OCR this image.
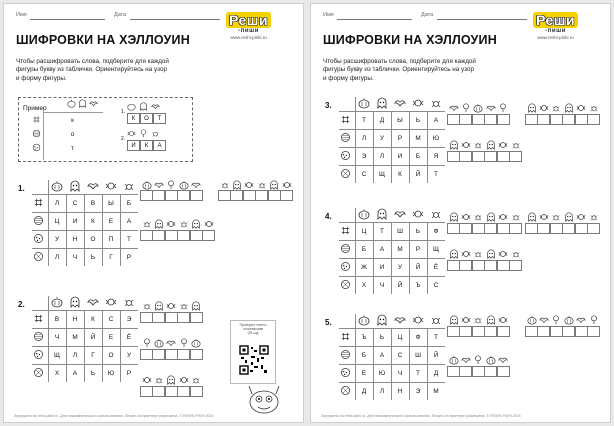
Имя	Дата	Реши
-пиши
www.reshi-pishi.ru
ШИФРОВКИ НА ХЭЛЛОУИН
Чтобы расшифровать слова, подберите для каждой
фигуры букву из таблички. Ориентируйтесь на узор
и форму фигуры.
Пример
к
о
т
1.
К	О	Т
2.
И	К	А
1.
Л	С	В	Ы	Б
Ц	И	К	Е	А
У	Н	О	П	Т
Л	Ч	Ь	Г	Р
2.
В	Н	К	С	Э
Ч	М	Й	Е	Ё
Щ	Л	Г	О	У
Х	А	Ь	Ю	Р
Проверьте ответы
отсканировав
QR-код
Загружено на reshi-pishi.ru. Для некоммерческого использования. Печать на принтере разрешена. © RESHI-PISHI 2024
Имя	Дата	Реши
-пиши
www.reshi-pishi.ru
ШИФРОВКИ НА ХЭЛЛОУИН
Чтобы расшифровать слова, подберите для каждой
фигуры букву из таблички. Ориентируйтесь на узор
и форму фигуры.
3.
Т	Д	Ы	Ь	А
Л	У	Р	М	Ю
Э	Л	И	Б	Я
С	Щ	К	Й	Т
4.
Ц	Т	Ш	Ь	Ф
Б	А	М	Р	Щ
Ж	И	У	Й	Ё
Х	Ч	Й	Ъ	С
5.
Ъ	Ь	Ц	Ф	Т
Б	А	С	Ш	Й
Е	Ю	Ч	Т	Д
Д	Л	Н	Э	М
Загружено на reshi-pishi.ru. Для некоммерческого использования. Печать на принтере разрешена. © RESHI-PISHI 2024
